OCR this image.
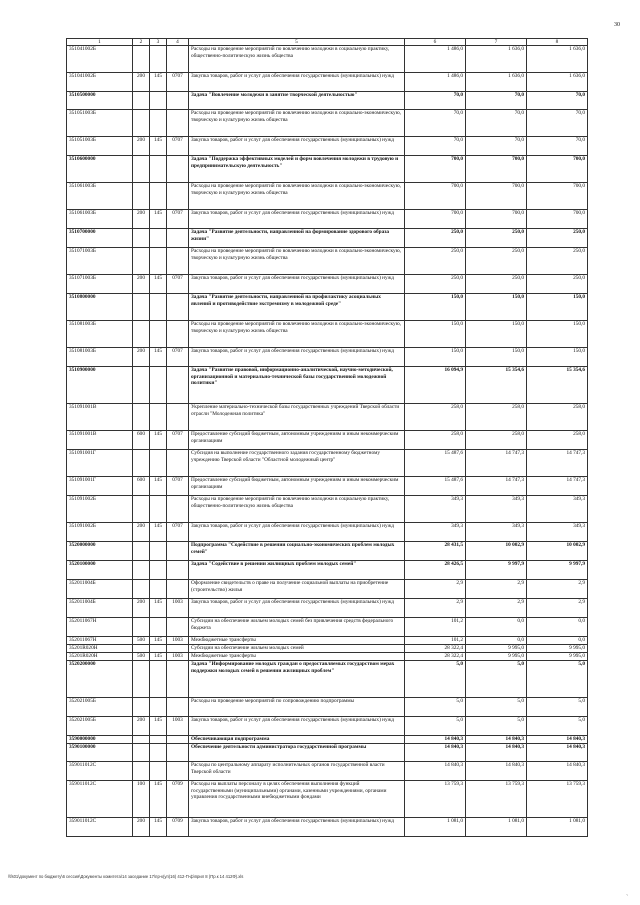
30
1	2	3	4	5	6	7	8
351041002Б				Расходы на проведение мероприятий по вовлечению молодежи в социальную практику, общественно-политическую жизнь общества	1 486,0	1 636,0	1 636,0
351041002Б	200	145	0707	Закупка товаров, работ и услуг для обеспечения государственных (муниципальных) нужд	1 486,0	1 636,0	1 636,0
3510500000				Задача "Вовлечение молодежи в занятие творческой деятельностью"	70,0	70,0	70,0
351051003Б				Расходы на проведение мероприятий по вовлечению молодежи в социально-экономическую, творческую и культурную жизнь общества	70,0	70,0	70,0
351051003Б	200	145	0707	Закупка товаров, работ и услуг для обеспечения государственных (муниципальных) нужд	70,0	70,0	70,0
3510600000				Задача "Поддержка эффективных моделей и форм вовлечения молодежи в трудовую и предпринимательскую деятельность"	700,0	700,0	700,0
351061003Б				Расходы на проведение мероприятий по вовлечению молодежи в социально-экономическую, творческую и культурную жизнь общества	700,0	700,0	700,0
351061003Б	200	145	0707	Закупка товаров, работ и услуг для обеспечения государственных (муниципальных) нужд	700,0	700,0	700,0
3510700000				Задача "Развитие деятельности, направленной на формирование здорового образа жизни"	250,0	250,0	250,0
351071003Б				Расходы на проведение мероприятий по вовлечению молодежи в социально-экономическую, творческую и культурную жизнь общества	250,0	250,0	250,0
351071003Б	200	145	0707	Закупка товаров, работ и услуг для обеспечения государственных (муниципальных) нужд	250,0	250,0	250,0
3510800000				Задача "Развитие деятельности, направленной на профилактику асоциальных явлений и противодействие экстремизму в молодежной среде"	150,0	150,0	150,0
351081003Б				Расходы на проведение мероприятий по вовлечению молодежи в социально-экономическую, творческую и культурную жизнь общества	150,0	150,0	150,0
351081003Б	200	145	0707	Закупка товаров, работ и услуг для обеспечения государственных (муниципальных) нужд	150,0	150,0	150,0
3510900000				Задача "Развитие правовой, информационно-аналитической, научно-методической, организационной и материально-технической базы государственной молодежной политики"	16 094,9	15 354,6	15 354,6
351091001В				Укрепление материально-технической базы государственных учреждений Тверской области отрасли "Молодежная политика"	258,0	258,0	258,0
351091001В	600	145	0707	Предоставление субсидий бюджетным, автономным учреждениям и иным некоммерческим организациям	258,0	258,0	258,0
351091001Г				Субсидия на выполнение государственного задания государственному бюджетному учреждению Тверской области "Областной молодежный центр"	15 487,6	14 747,3	14 747,3
351091001Г	600	145	0707	Предоставление субсидий бюджетным, автономным учреждениям и иным некоммерческим организациям	15 487,6	14 747,3	14 747,3
351091002Б				Расходы на проведение мероприятий по вовлечению молодежи в социальную практику, общественно-политическую жизнь общества	349,3	349,3	349,3
351091002Б	200	145	0707	Закупка товаров, работ и услуг для обеспечения государственных (муниципальных) нужд	349,3	349,3	349,3
3520000000				Подпрограмма "Содействие в решении социально-экономических проблем молодых семей"	28 431,5	10 002,9	10 002,9
3520100000				Задача "Содействие в решении жилищных проблем молодых семей"	28 426,5	9 997,9	9 997,9
352011004Б				Оформление свидетельств о праве на получение социальной выплаты на приобретение (строительство) жилья	2,9	2,9	2,9
352011004Б	200	145	1003	Закупка товаров, работ и услуг для обеспечения государственных (муниципальных) нужд	2,9	2,9	2,9
352011067Н				Субсидии на обеспечение жильем молодых семей без привлечения средств федерального бюджета	101,2	0,0	0,0
352011067Н	500	145	1003	Межбюджетные трансферты	101,2	0,0	0,0
35201R020Н				Субсидии на обеспечение жильем молодых семей	28 322,4	9 995,0	9 995,0
35201R020Н	500	145	1003	Межбюджетные трансферты	28 322,4	9 995,0	9 995,0
3520200000				Задача "Информирование молодых граждан о предоставляемых государством мерах поддержки молодых семей в решении жилищных проблем"	5,0	5,0	5,0
352021005Б				Расходы на проведение мероприятий по сопровождению подпрограммы	5,0	5,0	5,0
352021005Б	200	145	1003	Закупка товаров, работ и услуг для обеспечения государственных (муниципальных) нужд	5,0	5,0	5,0
3590000000				Обеспечивающая подпрограмма	14 840,3	14 840,3	14 840,3
3590100000				Обеспечение деятельности администратора государственной программы	14 840,3	14 840,3	14 840,3
359011012С				Расходы по центральному аппарату исполнительных органов государственной власти Тверской области	14 840,3	14 840,3	14 840,3
359011012С	100	145	0709	Расходы на выплаты персоналу в целях обеспечения выполнения функций государственными (муниципальными) органами, казенными учреждениями, органами управления государственными внебюджетными фондами	13 759,3	13 759,3	13 759,3
359011012С	200	145	0709	Закупка товаров, работ и услуг для обеспечения государственных (муниципальных) нужд	1 081,0	1 081,0	1 081,0
\\fs01\документ по бюджету\6 сессия\Документы комитета\14 заседание 17\пр-к(уп)16) 412-П-ф\прил 8 (Пр.к 14 412Ф).xls
ˎ
